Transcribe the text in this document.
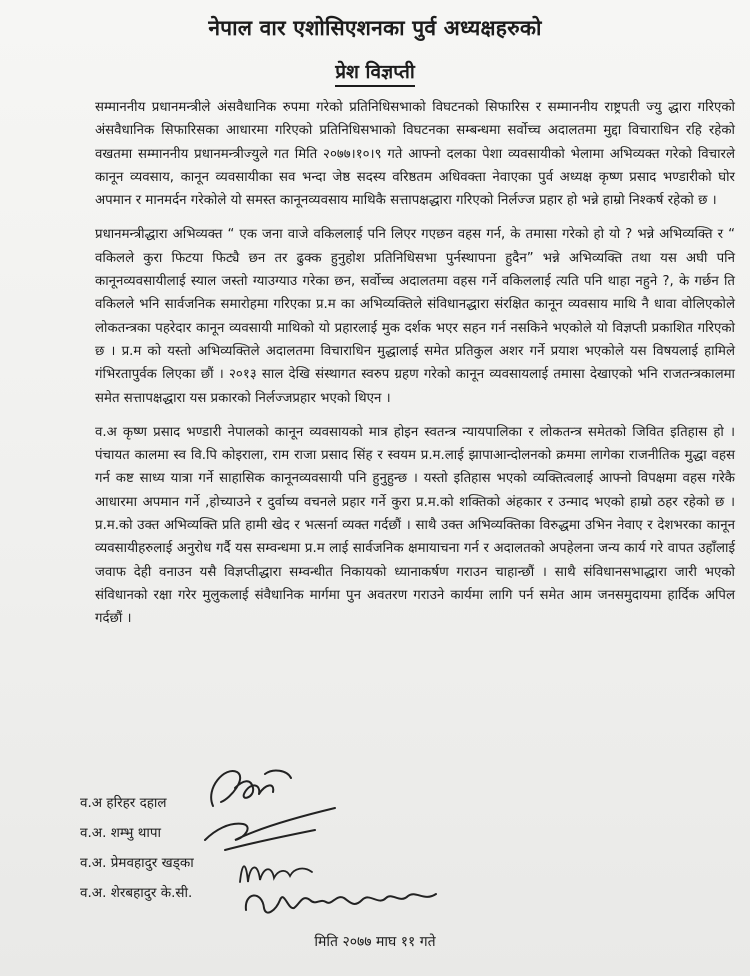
नेपाल वार एशोसिएशनका पुर्व अध्यक्षहरुको
प्रेश विज्ञप्ती

सम्माननीय प्रधानमन्त्रीले अंसवैधानिक रुपमा गरेको प्रतिनिधिसभाको विघटनको सिफारिस र सम्माननीय राष्ट्रपती ज्यु द्धारा गरिएको अंसवैधानिक सिफारिसका आधारमा गरिएको प्रतिनिधिसभाको विघटनका सम्बन्धमा सर्वोच्च अदालतमा मुद्दा विचाराधिन रहि रहेको वखतमा सम्माननीय प्रधानमन्त्रीज्युले गत मिति २०७७।१०।९ गते आफ्नो दलका पेशा व्यवसायीको भेलामा अभिव्यक्त गरेको विचारले कानून व्यवसाय, कानून व्यवसायीका सव भन्दा जेष्ठ सदस्य वरिष्ठतम अधिवक्ता नेवाएका पुर्व अध्यक्ष कृष्ण प्रसाद भण्डारीको घोर अपमान र मानमर्दन गरेकोले यो समस्त कानूनव्यवसाय माथिकै सत्तापक्षद्धारा गरिएको निर्लज्ज प्रहार हो भन्ने हाम्रो निश्कर्ष रहेको छ ।

प्रधानमन्त्रीद्धारा अभिव्यक्त “ एक जना वाजे वकिललाई पनि लिएर गएछन वहस गर्न, के तमासा गरेको हो यो ? भन्ने अभिव्यक्ति र “ वकिलले कुरा फिटया फिट्यै छन तर ढुक्क हुनुहोश प्रतिनिधिसभा पुर्नस्थापना हुदैन” भन्ने अभिव्यक्ति तथा यस अघी पनि कानूनव्यवसायीलाई स्याल जस्तो ग्याउग्याउ गरेका छन, सर्वोच्च अदालतमा वहस गर्ने वकिललाई त्यति पनि थाहा नहुने ?, के गर्छन ति वकिलले भनि सार्वजनिक समारोहमा गरिएका प्र.म का अभिव्यक्तिले संविधानद्धारा संरक्षित कानून व्यवसाय माथि नै धावा वोलिएकोले लोकतन्त्रका पहरेदार कानून व्यवसायी माथिको यो प्रहारलाई मुक दर्शक भएर सहन गर्न नसकिने भएकोले यो विज्ञप्ती प्रकाशित गरिएको छ । प्र.म को यस्तो अभिव्यक्तिले अदालतमा विचाराधिन मुद्धालाई समेत प्रतिकुल अशर गर्ने प्रयाश भएकोले यस विषयलाई हामिले गंभिरतापुर्वक लिएका छौं । २०१३ साल देखि संस्थागत स्वरुप ग्रहण गरेको कानून व्यवसायलाई तमासा देखाएको भनि राजतन्त्रकालमा समेत सत्तापक्षद्धारा यस प्रकारको निर्लज्जप्रहार भएको थिएन ।

व.अ कृष्ण प्रसाद भण्डारी नेपालको कानून व्यवसायको मात्र होइन स्वतन्त्र न्यायपालिका र लोकतन्त्र समेतको जिवित इतिहास हो । पंचायत कालमा स्व वि.पि कोइराला, राम राजा प्रसाद सिंह र स्वयम प्र.म.लाई झापाआन्दोलनको क्रममा लागेका राजनीतिक मुद्धा वहस गर्न कष्ट साध्य यात्रा गर्ने साहासिक कानूनव्यवसायी पनि हुनुहुन्छ । यस्तो इतिहास भएको व्यक्तित्वलाई आफ्नो विपक्षमा वहस गरेकै आधारमा अपमान गर्ने ,होच्याउने र दुर्वाच्य वचनले प्रहार गर्ने कुरा प्र.म.को शक्तिको अंहकार र उन्माद भएको हाम्रो ठहर रहेको छ । प्र.म.को उक्त अभिव्यक्ति प्रति हामी खेद र भत्सर्ना व्यक्त गर्दछौं । साथै उक्त अभिव्यक्तिका विरुद्धमा उभिन नेवाए र देशभरका कानून व्यवसायीहरुलाई अनुरोध गर्दै यस सम्वन्धमा प्र.म लाई सार्वजनिक क्षमायाचना गर्न र अदालतको अपहेलना जन्य कार्य गरे वापत उहाँलाई जवाफ देही वनाउन यसै विज्ञप्तीद्धारा सम्वन्धीत निकायको ध्यानाकर्षण गराउन चाहान्छौं । साथै संविधानसभाद्धारा जारी भएको संविधानको रक्षा गरेर मुलुकलाई संवैधानिक मार्गमा पुन अवतरण गराउने कार्यमा लागि पर्न समेत आम जनसमुदायमा हार्दिक अपिल गर्दछौं ।

व.अ हरिहर दहाल
व.अ. शम्भु थापा
व.अ. प्रेमवहादुर खड्का
व.अ. शेरबहादुर के.सी.
मिति २०७७ माघ ११ गते
